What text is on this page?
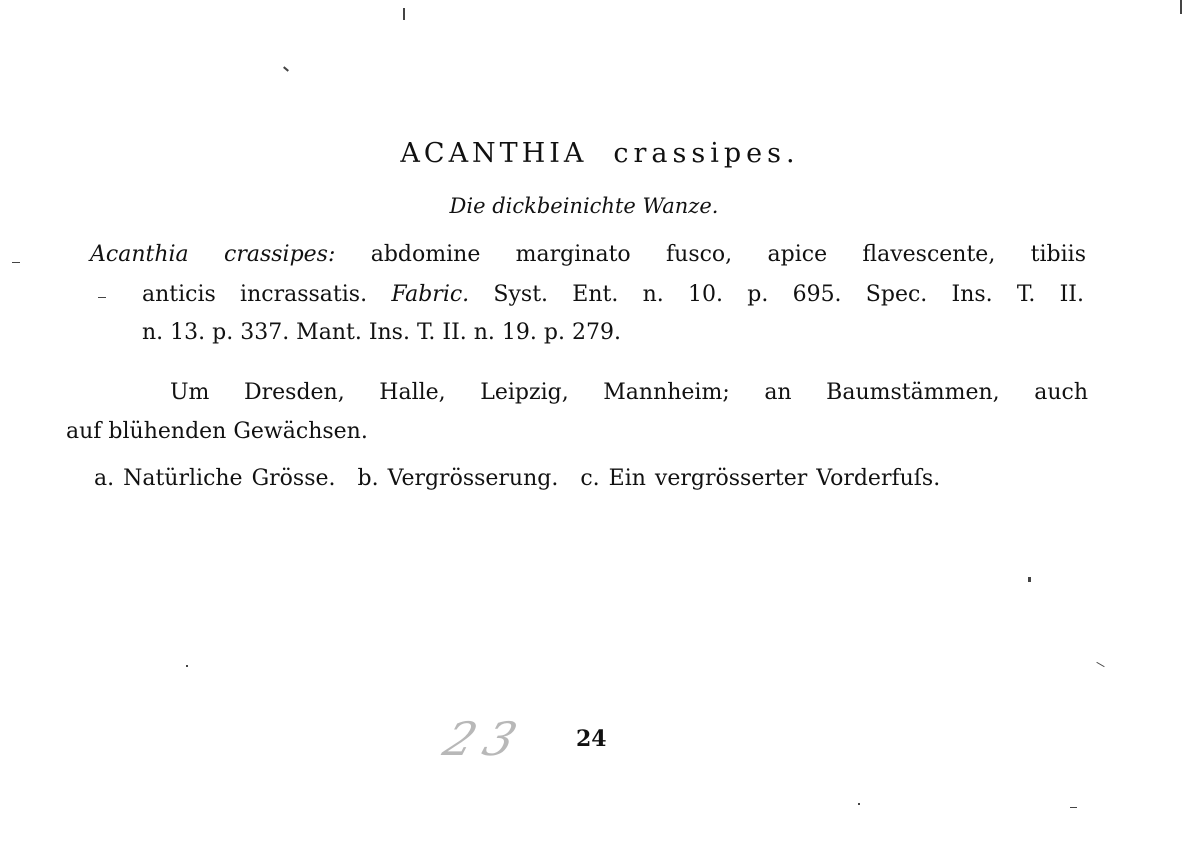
ACANTHIA crassipes.
Die dickbeinichte Wanze.
Acanthia crassipes: abdomine marginato fusco, apice flavescente, tibiis
anticis incrassatis. Fabric. Syst. Ent. n. 10. p. 695. Spec. Ins. T. II.
n. 13. p. 337. Mant. Ins. T. II. n. 19. p. 279.
Um Dresden, Halle, Leipzig, Mannheim; an Baumstämmen, auch
auf blühenden Gewächsen.
a. Natürliche Grösse. b. Vergrösserung. c. Ein vergrösserter Vorderfuſs.
23 24
